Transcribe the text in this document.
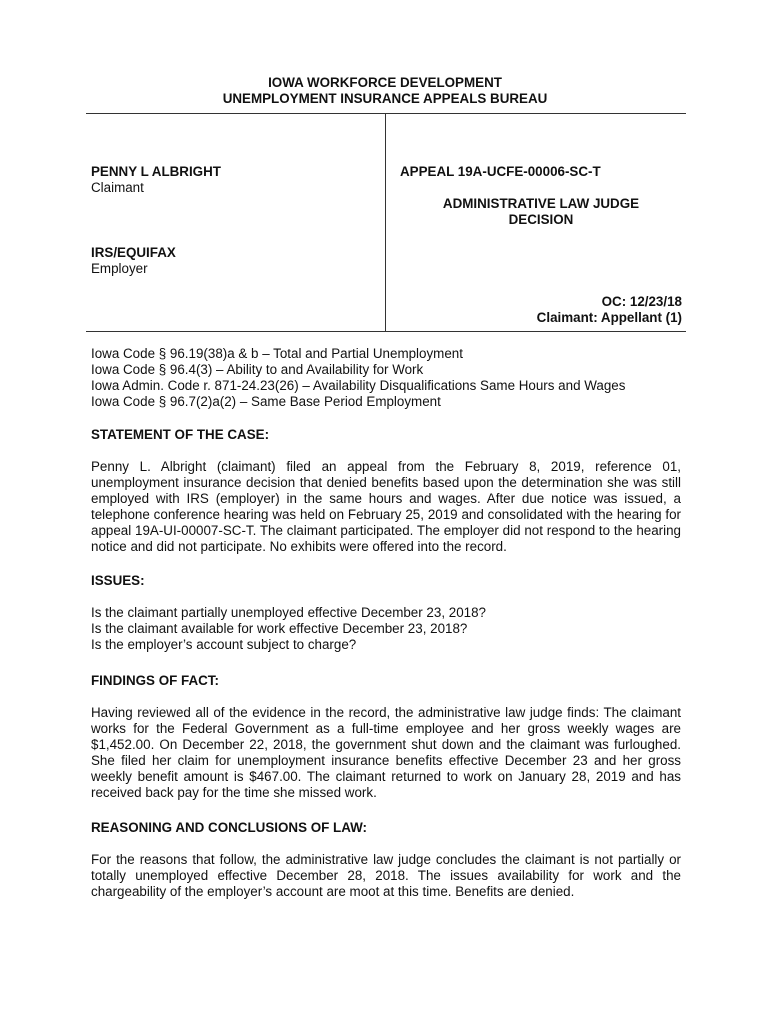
IOWA WORKFORCE DEVELOPMENT
UNEMPLOYMENT INSURANCE APPEALS BUREAU
PENNY L ALBRIGHT
Claimant
IRS/EQUIFAX
Employer
APPEAL 19A-UCFE-00006-SC-T
ADMINISTRATIVE LAW JUDGE
DECISION
OC: 12/23/18
Claimant: Appellant (1)
Iowa Code § 96.19(38)a & b – Total and Partial Unemployment
Iowa Code § 96.4(3) – Ability to and Availability for Work
Iowa Admin. Code r. 871-24.23(26) – Availability Disqualifications Same Hours and Wages
Iowa Code § 96.7(2)a(2) – Same Base Period Employment
STATEMENT OF THE CASE:
Penny L. Albright (claimant) filed an appeal from the February 8, 2019, reference 01, unemployment insurance decision that denied benefits based upon the determination she was still employed with IRS (employer) in the same hours and wages. After due notice was issued, a telephone conference hearing was held on February 25, 2019 and consolidated with the hearing for appeal 19A-UI-00007-SC-T. The claimant participated. The employer did not respond to the hearing notice and did not participate. No exhibits were offered into the record.
ISSUES:
Is the claimant partially unemployed effective December 23, 2018?
Is the claimant available for work effective December 23, 2018?
Is the employer’s account subject to charge?
FINDINGS OF FACT:
Having reviewed all of the evidence in the record, the administrative law judge finds: The claimant works for the Federal Government as a full-time employee and her gross weekly wages are $1,452.00. On December 22, 2018, the government shut down and the claimant was furloughed. She filed her claim for unemployment insurance benefits effective December 23 and her gross weekly benefit amount is $467.00. The claimant returned to work on January 28, 2019 and has received back pay for the time she missed work.
REASONING AND CONCLUSIONS OF LAW:
For the reasons that follow, the administrative law judge concludes the claimant is not partially or totally unemployed effective December 28, 2018. The issues availability for work and the chargeability of the employer’s account are moot at this time. Benefits are denied.
